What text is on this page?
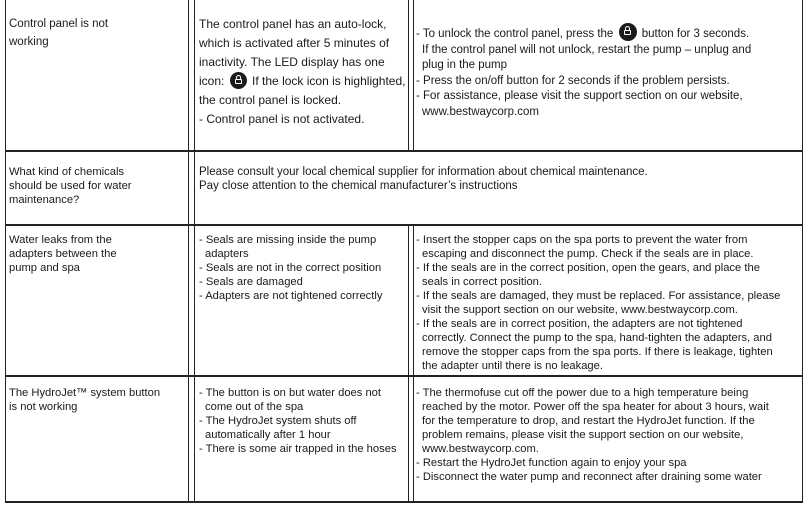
Control panel is not
working
The control panel has an auto-lock,
which is activated after 5 minutes of
inactivity. The LED display has one
icon: If the lock icon is highlighted,
the control panel is locked.
- Control panel is not activated.
- To unlock the control panel, press the button for 3 seconds.
If the control panel will not unlock, restart the pump – unplug and
plug in the pump
- Press the on/off button for 2 seconds if the problem persists.
- For assistance, please visit the support section on our website,
www.bestwaycorp.com
What kind of chemicals
should be used for water
maintenance?
Please consult your local chemical supplier for information about chemical maintenance.
Pay close attention to the chemical manufacturer’s instructions
Water leaks from the
adapters between the
pump and spa
- Seals are missing inside the pump
adapters
- Seals are not in the correct position
- Seals are damaged
- Adapters are not tightened correctly
- Insert the stopper caps on the spa ports to prevent the water from
escaping and disconnect the pump. Check if the seals are in place.
- If the seals are in the correct position, open the gears, and place the
seals in correct position.
- If the seals are damaged, they must be replaced. For assistance, please
visit the support section on our website, www.bestwaycorp.com.
- If the seals are in correct position, the adapters are not tightened
correctly. Connect the pump to the spa, hand-tighten the adapters, and
remove the stopper caps from the spa ports. If there is leakage, tighten
the adapter until there is no leakage.
The HydroJet™ system button
is not working
- The button is on but water does not
come out of the spa
- The HydroJet system shuts off
automatically after 1 hour
- There is some air trapped in the hoses
- The thermofuse cut off the power due to a high temperature being
reached by the motor. Power off the spa heater for about 3 hours, wait
for the temperature to drop, and restart the HydroJet function. If the
problem remains, please visit the support section on our website,
www.bestwaycorp.com.
- Restart the HydroJet function again to enjoy your spa
- Disconnect the water pump and reconnect after draining some water
